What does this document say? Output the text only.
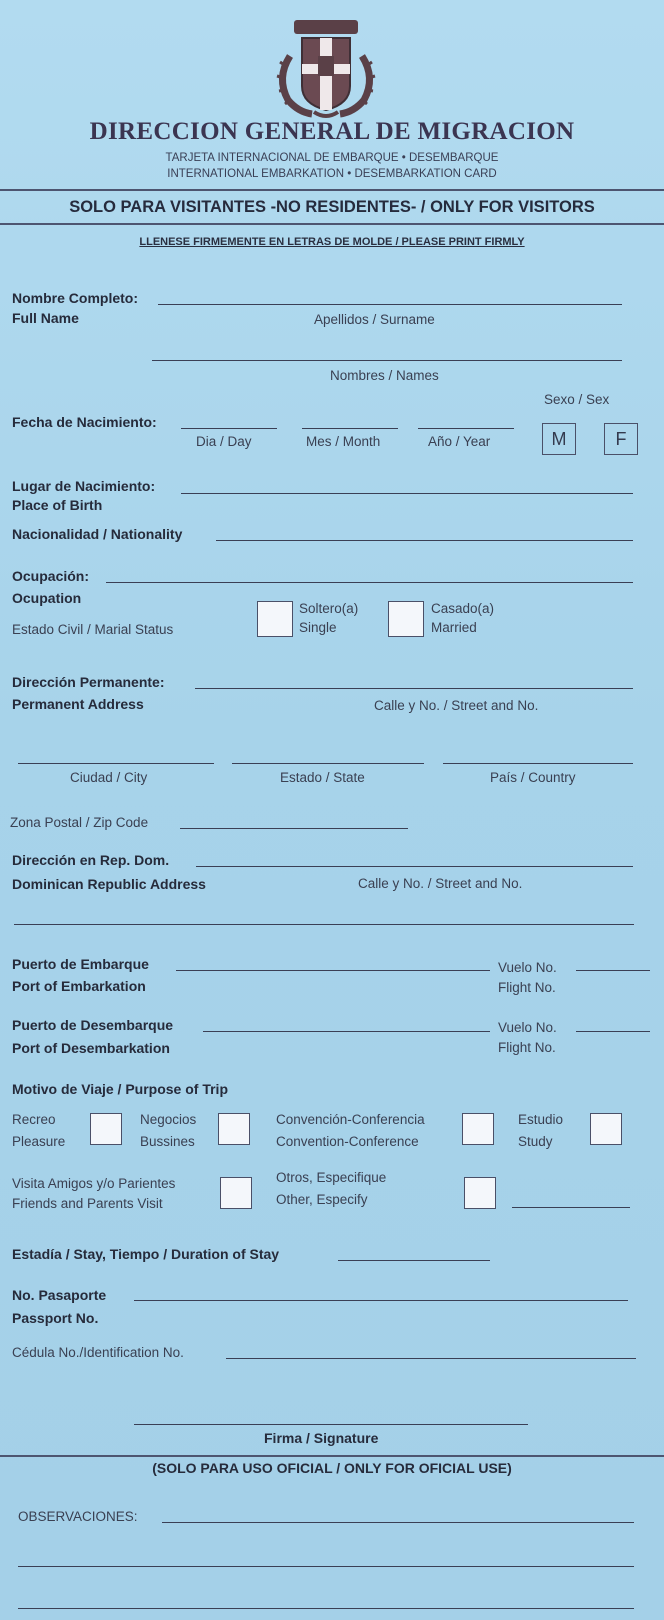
DIRECCION GENERAL DE MIGRACION
TARJETA INTERNACIONAL DE EMBARQUE • DESEMBARQUE
INTERNATIONAL EMBARKATION • DESEMBARKATION CARD
SOLO PARA VISITANTES -NO RESIDENTES- / ONLY FOR VISITORS
LLENESE FIRMEMENTE EN LETRAS DE MOLDE / PLEASE PRINT FIRMLY
Nombre Completo:
Full Name	Apellidos / Surname
Nombres / Names
Sexo / Sex
Fecha de Nacimiento:
Dia / Day	Mes / Month	Año / Year	M	F
Lugar de Nacimiento:
Place of Birth
Nacionalidad / Nationality
Ocupación:
Ocupation
Estado Civil / Marial Status
Soltero(a)
Single
Casado(a)
Married
Dirección Permanente:
Permanent Address	Calle y No. / Street and No.
Ciudad / City	Estado / State	País / Country
Zona Postal / Zip Code
Dirección en Rep. Dom.
Dominican Republic Address	Calle y No. / Street and No.
Puerto de Embarque
Port of Embarkation
Vuelo No.
Flight No.
Puerto de Desembarque
Port of Desembarkation
Vuelo No.
Flight No.
Motivo de Viaje / Purpose of Trip
Recreo
Pleasure
Negocios
Bussines
Convención-Conferencia
Convention-Conference
Estudio
Study
Visita Amigos y/o Parientes
Friends and Parents Visit
Otros, Especifique
Other, Especify
Estadía / Stay, Tiempo / Duration of Stay
No. Pasaporte
Passport No.
Cédula No./Identification No.
Firma / Signature
(SOLO PARA USO OFICIAL / ONLY FOR OFICIAL USE)
OBSERVACIONES:
